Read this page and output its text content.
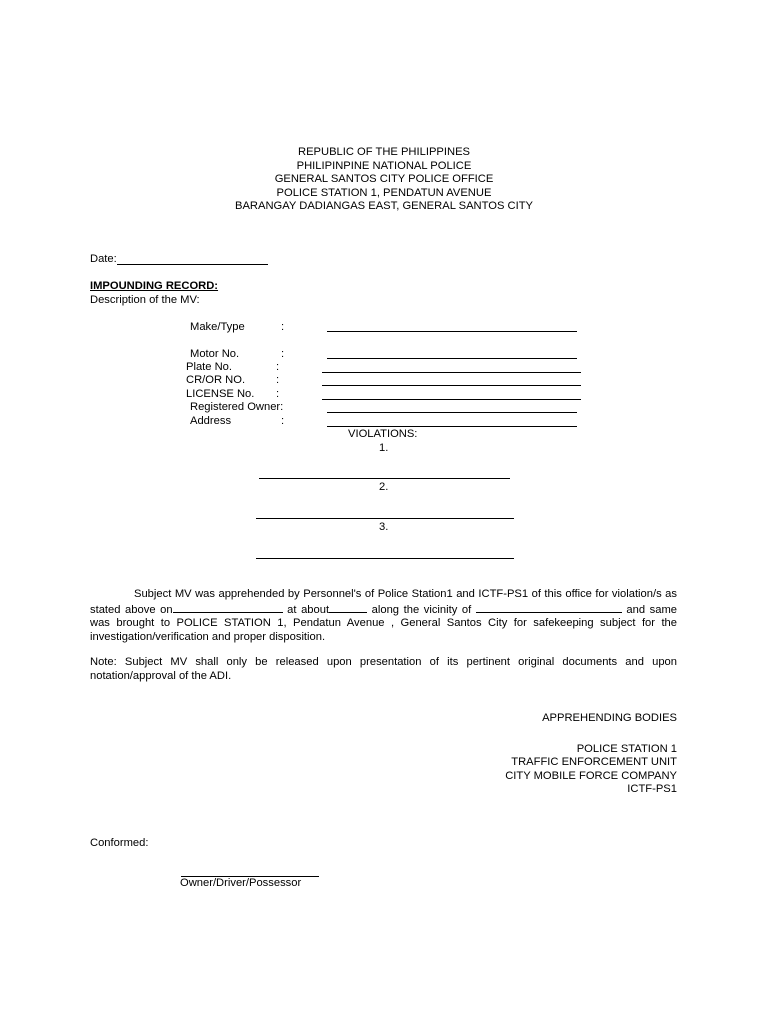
REPUBLIC OF THE PHILIPPINES
PHILIPINPINE NATIONAL POLICE
GENERAL SANTOS CITY POLICE OFFICE
POLICE STATION 1, PENDATUN AVENUE
BARANGAY DADIANGAS EAST, GENERAL SANTOS CITY
Date:
IMPOUNDING RECORD:
Description of the MV:
Make/Type	:
Motor No.	:
Plate No.	:
CR/OR NO.	:
LICENSE No. :
Registered Owner:
Address	:
VIOLATIONS:
1.
2.
3.
Subject MV was apprehended by Personnel's of Police Station1 and ICTF-PS1 of this office for violation/s as stated above on	at about	along the vicinity of	and same was brought to POLICE STATION 1, Pendatun Avenue , General Santos City for safekeeping subject for the investigation/verification and proper disposition.
Note: Subject MV shall only be released upon presentation of its pertinent original documents and upon notation/approval of the ADI.
APPREHENDING BODIES
POLICE STATION 1
TRAFFIC ENFORCEMENT UNIT
CITY MOBILE FORCE COMPANY
ICTF-PS1
Conformed:
Owner/Driver/Possessor
